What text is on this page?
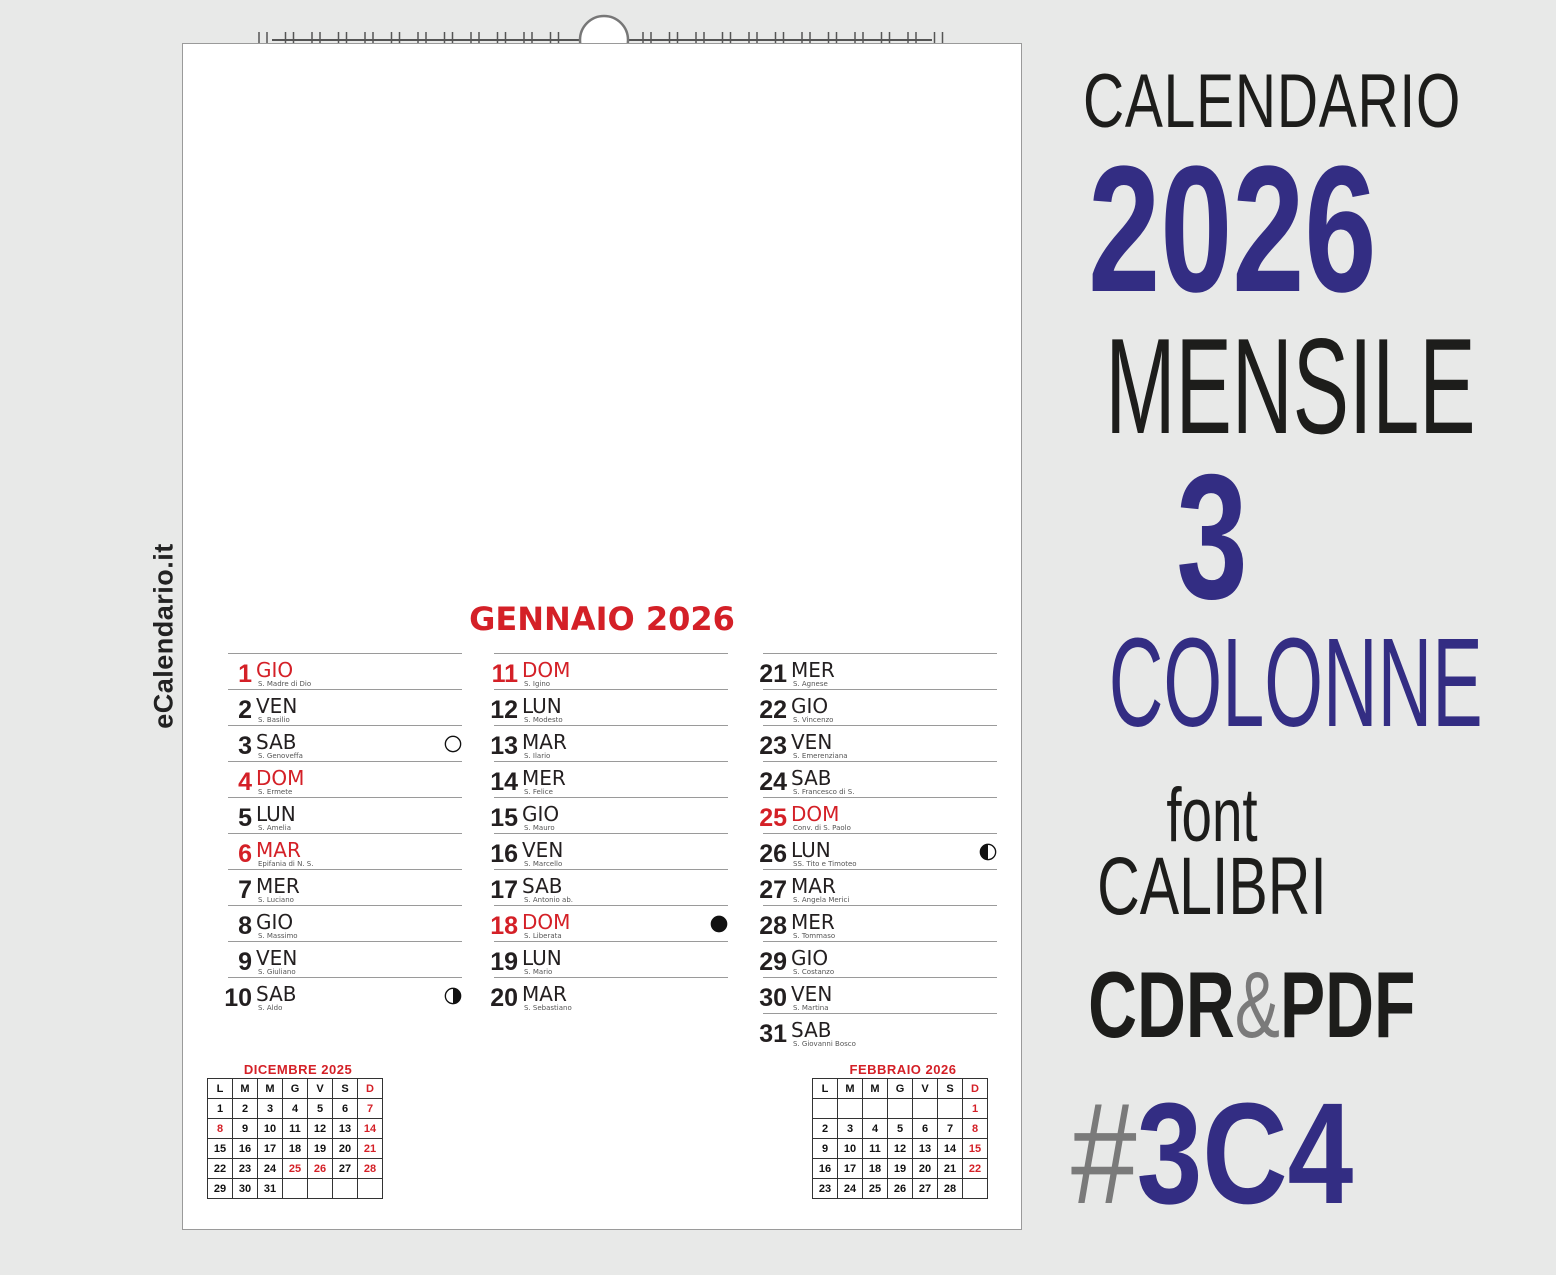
eCalendario.it	GENNAIO 2026
1 GIO
S. Madre di Dio
2 VEN
S. Basilio
3 SAB
S. Genoveffa
4 DOM
S. Ermete
5 LUN
S. Amelia
6 MAR
Epifania di N. S.
7 MER
S. Luciano
8 GIO
S. Massimo
9 VEN
S. Giuliano
10 SAB
S. Aldo
11 DOM
S. Igino
12 LUN
S. Modesto
13 MAR
S. Ilario
14 MER
S. Felice
15 GIO
S. Mauro
16 VEN
S. Marcello
17 SAB
S. Antonio ab.
18 DOM
S. Liberata
19 LUN
S. Mario
20 MAR
S. Sebastiano
21 MER
S. Agnese
22 GIO
S. Vincenzo
23 VEN
S. Emerenziana
24 SAB
S. Francesco di S.
25 DOM
Conv. di S. Paolo
26 LUN
SS. Tito e Timoteo
27 MAR
S. Angela Merici
28 MER
S. Tommaso
29 GIO
S. Costanzo
30 VEN
S. Martina
31 SAB
S. Giovanni Bosco
DICEMBRE 2025
L	M	M	G	V	S	D
1	2	3	4	5	6	7
8	9	10	11	12	13	14
15	16	17	18	19	20	21
22	23	24	25	26	27	28
29	30	31				
FEBBRAIO 2026
L	M	M	G	V	S	D
						1
2	3	4	5	6	7	8
9	10	11	12	13	14	15
16	17	18	19	20	21	22
23	24	25	26	27	28	
CALENDARIO
2026
MENSILE
3
COLONNE
font
CALIBRI
CDR&PDF
#3C4
